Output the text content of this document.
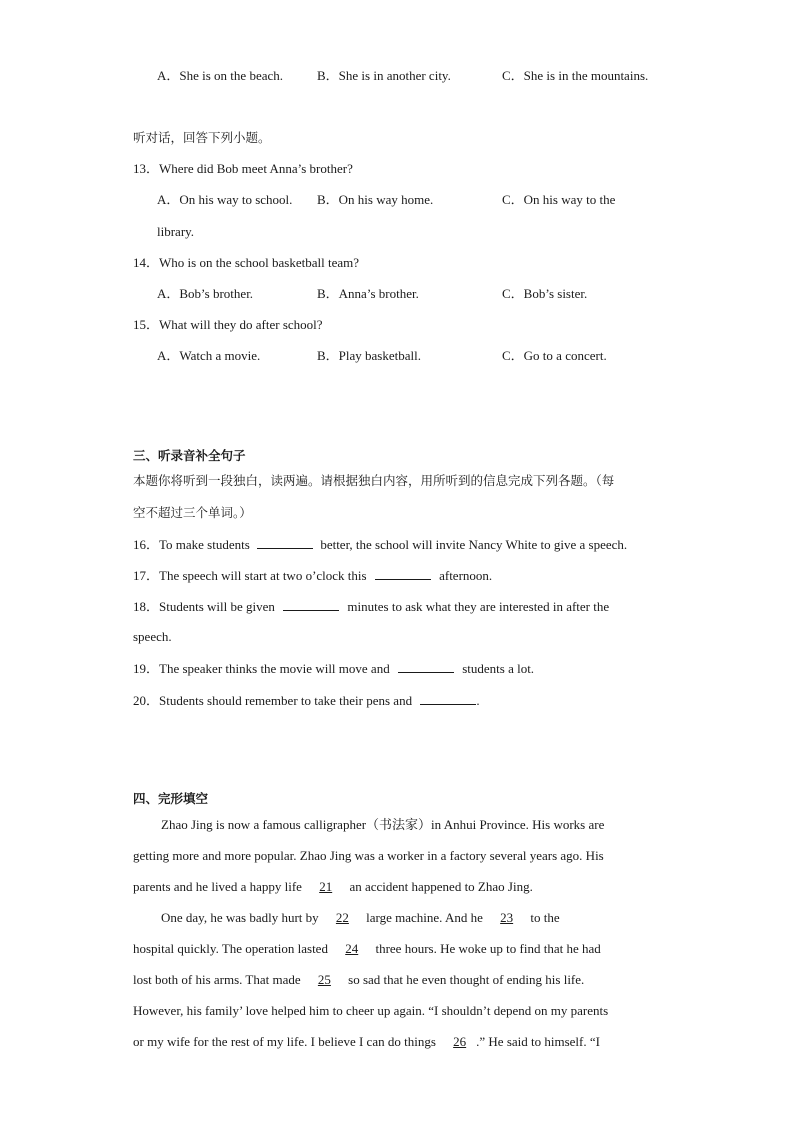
A．She is on the beach.	B．She is in another city.	C．She is in the mountains.
听对话，回答下列小题。
13．Where did Bob meet Anna’s brother?
A．On his way to school. B．On his way home.	C．On his way to the
library.
14．Who is on the school basketball team?
A．Bob’s brother.	B．Anna’s brother.	C．Bob’s sister.
15．What will they do after school?
A．Watch a movie.	B．Play basketball.	C．Go to a concert.
三、听录音补全句子
本题你将听到一段独白，读两遍。请根据独白内容，用所听到的信息完成下列各题。（每
空不超过三个单词。）
16．To make students	better, the school will invite Nancy White to give a speech.
17．The speech will start at two o’clock this	afternoon.
18．Students will be given	minutes to ask what they are interested in after the
speech.
19．The speaker thinks the movie will move and	students a lot.
20．Students should remember to take their pens and	.
四、完形填空
Zhao Jing is now a famous calligrapher（书法家）in Anhui Province. His works are
getting more and more popular. Zhao Jing was a worker in a factory several years ago. His
parents and he lived a happy life 21 an accident happened to Zhao Jing.
One day, he was badly hurt by 22 large machine. And he 23 to the
hospital quickly. The operation lasted 24 three hours. He woke up to find that he had
lost both of his arms. That made 25 so sad that he even thought of ending his life.
However, his family’ love helped him to cheer up again. “I shouldn’t depend on my parents
or my wife for the rest of my life. I believe I can do things 26 .” He said to himself. “I
